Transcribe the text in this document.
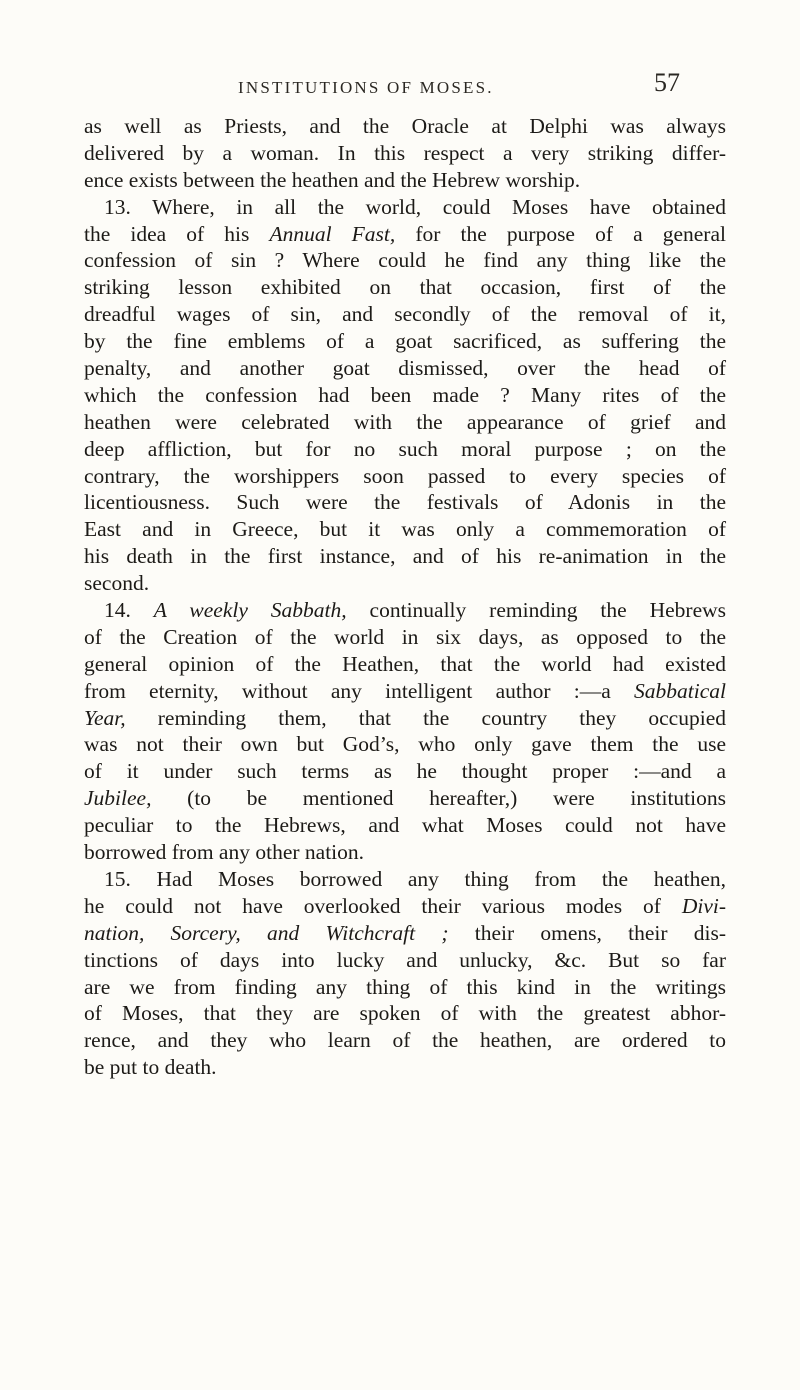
INSTITUTIONS OF MOSES.	57
as well as Priests, and the Oracle at Delphi was always
delivered by a woman. In this respect a very striking differ-
ence exists between the heathen and the Hebrew worship.
13. Where, in all the world, could Moses have obtained
the idea of his Annual Fast, for the purpose of a general
confession of sin ? Where could he find any thing like the
striking lesson exhibited on that occasion, first of the
dreadful wages of sin, and secondly of the removal of it,
by the fine emblems of a goat sacrificed, as suffering the
penalty, and another goat dismissed, over the head of
which the confession had been made ? Many rites of the
heathen were celebrated with the appearance of grief and
deep affliction, but for no such moral purpose ; on the
contrary, the worshippers soon passed to every species of
licentiousness. Such were the festivals of Adonis in the
East and in Greece, but it was only a commemoration of
his death in the first instance, and of his re-animation in the
second.
14. A weekly Sabbath, continually reminding the Hebrews
of the Creation of the world in six days, as opposed to the
general opinion of the Heathen, that the world had existed
from eternity, without any intelligent author :—a Sabbatical
Year, reminding them, that the country they occupied
was not their own but God’s, who only gave them the use
of it under such terms as he thought proper :—and a
Jubilee, (to be mentioned hereafter,) were institutions
peculiar to the Hebrews, and what Moses could not have
borrowed from any other nation.
15. Had Moses borrowed any thing from the heathen,
he could not have overlooked their various modes of Divi-
nation, Sorcery, and Witchcraft ; their omens, their dis-
tinctions of days into lucky and unlucky, &c. But so far
are we from finding any thing of this kind in the writings
of Moses, that they are spoken of with the greatest abhor-
rence, and they who learn of the heathen, are ordered to
be put to death.
